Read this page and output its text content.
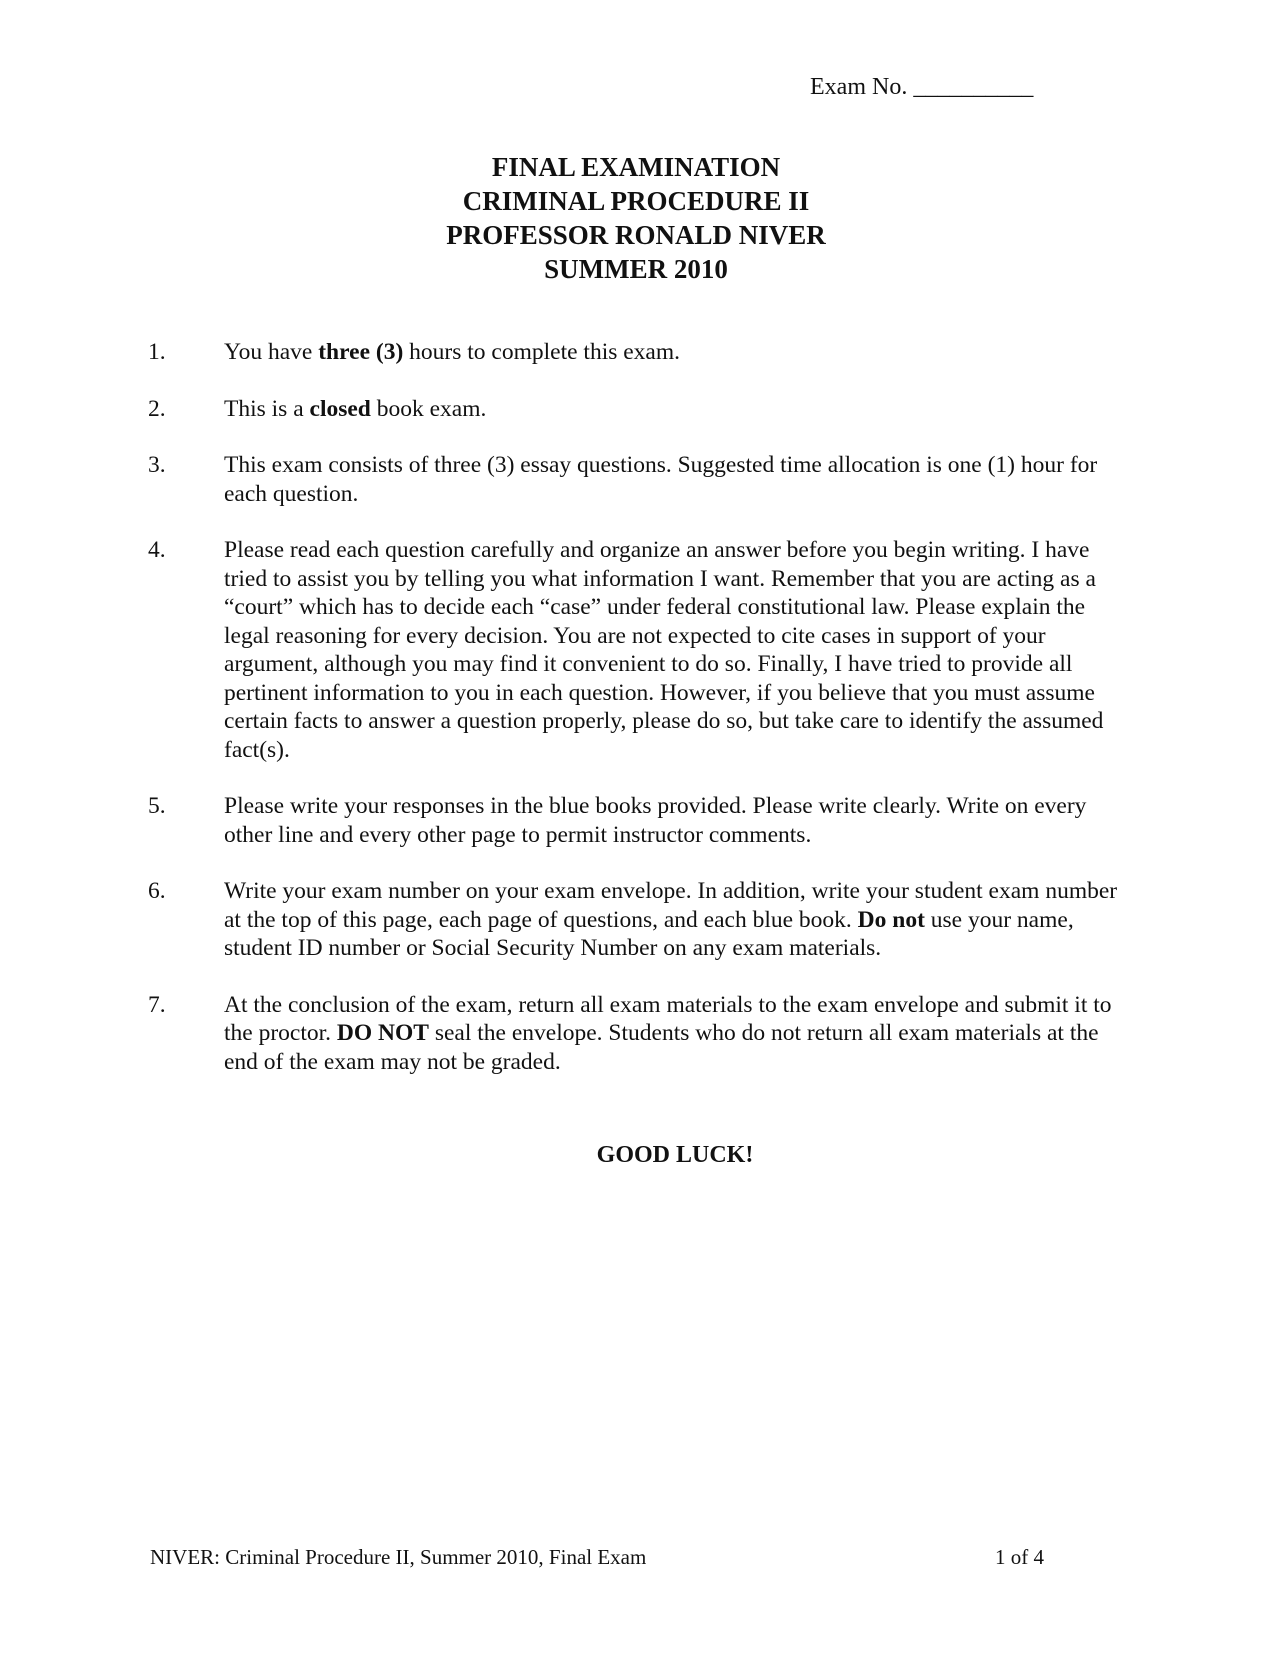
Exam No. __________
FINAL EXAMINATION
CRIMINAL PROCEDURE II
PROFESSOR RONALD NIVER
SUMMER 2010
1. You have three (3) hours to complete this exam.
2. This is a closed book exam.
3. This exam consists of three (3) essay questions. Suggested time allocation is one (1) hour for each question.
4. Please read each question carefully and organize an answer before you begin writing. I have tried to assist you by telling you what information I want. Remember that you are acting as a “court” which has to decide each “case” under federal constitutional law. Please explain the legal reasoning for every decision. You are not expected to cite cases in support of your argument, although you may find it convenient to do so. Finally, I have tried to provide all pertinent information to you in each question. However, if you believe that you must assume certain facts to answer a question properly, please do so, but take care to identify the assumed fact(s).
5. Please write your responses in the blue books provided. Please write clearly. Write on every other line and every other page to permit instructor comments.
6. Write your exam number on your exam envelope. In addition, write your student exam number at the top of this page, each page of questions, and each blue book. Do not use your name, student ID number or Social Security Number on any exam materials.
7. At the conclusion of the exam, return all exam materials to the exam envelope and submit it to the proctor. DO NOT seal the envelope. Students who do not return all exam materials at the end of the exam may not be graded.
GOOD LUCK!
NIVER: Criminal Procedure II, Summer 2010, Final Exam	1 of 4
